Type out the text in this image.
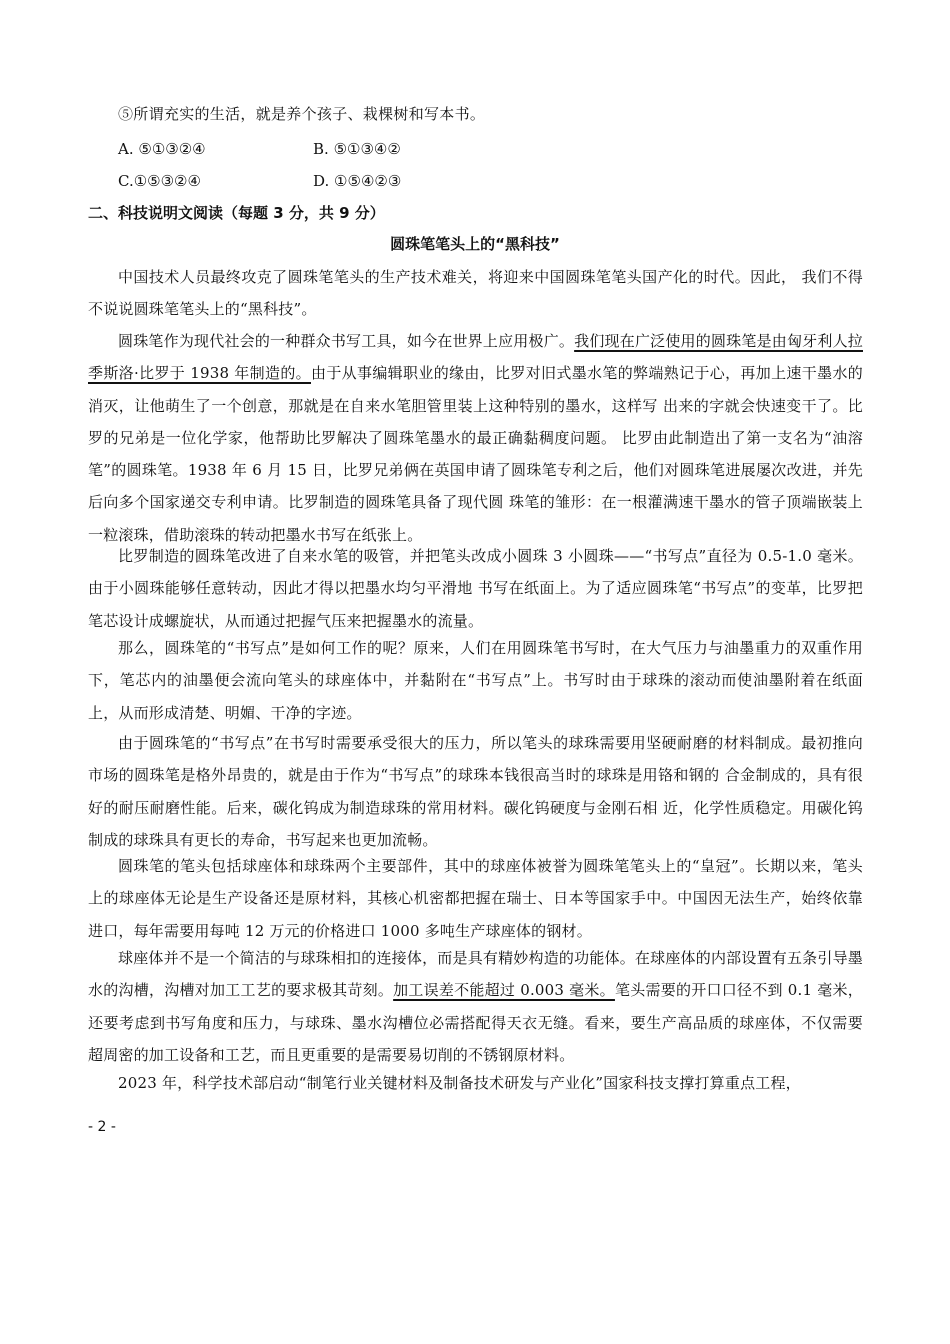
⑤所谓充实的生活，就是养个孩子、栽棵树和写本书。
A. ⑤①③②④	B. ⑤①③④②
C.①⑤③②④	D. ①⑤④②③
二、科技说明文阅读（每题 3 分，共 9 分）
圆珠笔笔头上的“黑科技”
中国技术人员最终攻克了圆珠笔笔头的生产技术难关，将迎来中国圆珠笔笔头国产化的时代。因此， 我们不得不说说圆珠笔笔头上的“黑科技”。
圆珠笔作为现代社会的一种群众书写工具，如今在世界上应用极广。我们现在广泛使用的圆珠笔是由匈牙利人拉季斯洛·比罗于 1938 年制造的。由于从事编辑职业的缘由，比罗对旧式墨水笔的弊端熟记于心，再加上速干墨水的消灭，让他萌生了一个创意，那就是在自来水笔胆管里装上这种特别的墨水，这样写 出来的字就会快速变干了。比罗的兄弟是一位化学家，他帮助比罗解决了圆珠笔墨水的最正确黏稠度问题。 比罗由此制造出了第一支名为“油溶笔”的圆珠笔。1938 年 6 月 15 日，比罗兄弟俩在英国申请了圆珠笔专利之后，他们对圆珠笔进展屡次改进，并先后向多个国家递交专利申请。比罗制造的圆珠笔具备了现代圆 珠笔的雏形：在一根灌满速干墨水的管子顶端嵌装上一粒滚珠，借助滚珠的转动把墨水书写在纸张上。
比罗制造的圆珠笔改进了自来水笔的吸管，并把笔头改成小圆珠 3 小圆珠——“书写点”直径为 0.5-1.0 毫米。 由于小圆珠能够任意转动，因此才得以把墨水均匀平滑地 书写在纸面上。为了适应圆珠笔“书写点”的变革，比罗把笔芯设计成螺旋状，从而通过把握气压来把握墨水的流量。
那么，圆珠笔的“书写点”是如何工作的呢？原来，人们在用圆珠笔书写时，在大气压力与油墨重力的双重作用下，笔芯内的油墨便会流向笔头的球座体中，并黏附在“书写点”上。书写时由于球珠的滚动而使油墨附着在纸面上，从而形成清楚、明媚、干净的字迹。
由于圆珠笔的“书写点”在书写时需要承受很大的压力，所以笔头的球珠需要用坚硬耐磨的材料制成。最初推向市场的圆珠笔是格外昂贵的，就是由于作为“书写点”的球珠本钱很高当时的球珠是用铬和钢的 合金制成的，具有很好的耐压耐磨性能。后来，碳化钨成为制造球珠的常用材料。碳化钨硬度与金刚石相 近，化学性质稳定。用碳化钨制成的球珠具有更长的寿命，书写起来也更加流畅。
圆珠笔的笔头包括球座体和球珠两个主要部件，其中的球座体被誉为圆珠笔笔头上的“皇冠”。长期以来，笔头上的球座体无论是生产设备还是原材料，其核心机密都把握在瑞士、日本等国家手中。中国因无法生产，始终依靠进口，每年需要用每吨 12 万元的价格进口 1000 多吨生产球座体的钢材。
球座体并不是一个简洁的与球珠相扣的连接体，而是具有精妙构造的功能体。在球座体的内部设置有五条引导墨水的沟槽，沟槽对加工工艺的要求极其苛刻。加工误差不能超过 0.003 毫米。笔头需要的开口口径不到 0.1 毫米，还要考虑到书写角度和压力，与球珠、墨水沟槽位必需搭配得天衣无缝。看来，要生产高品质的球座体，不仅需要超周密的加工设备和工艺，而且更重要的是需要易切削的不锈钢原材料。
2023 年，科学技术部启动“制笔行业关键材料及制备技术研发与产业化”国家科技支撑打算重点工程，
- 2 -
